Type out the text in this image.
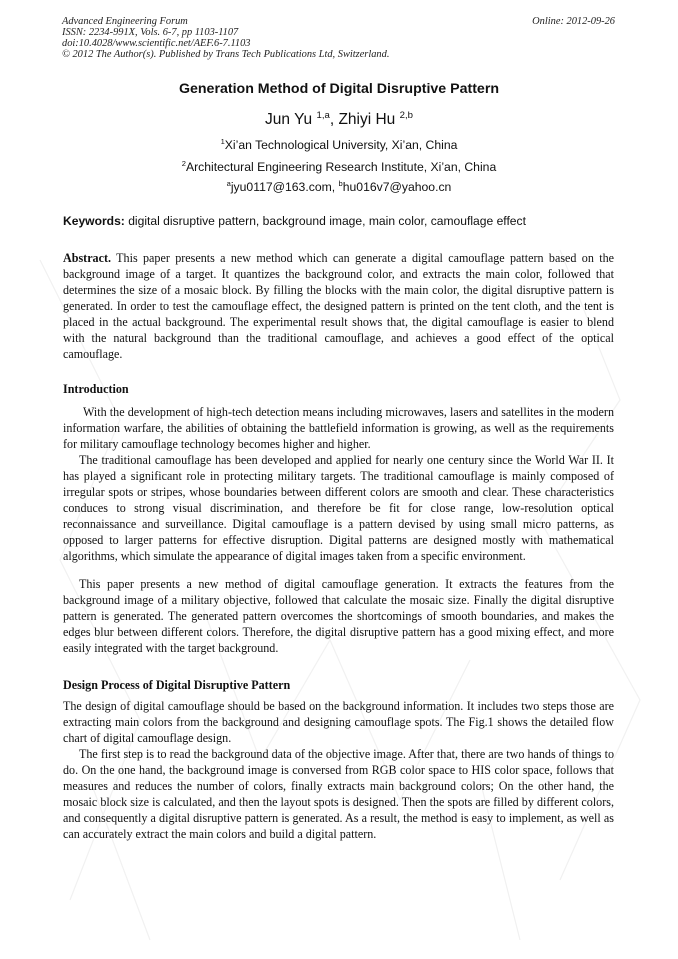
Advanced Engineering Forum
ISSN: 2234-991X, Vols. 6-7, pp 1103-1107
doi:10.4028/www.scientific.net/AEF.6-7.1103
© 2012 The Author(s). Published by Trans Tech Publications Ltd, Switzerland.
Online: 2012-09-26
Generation Method of Digital Disruptive Pattern
Jun Yu $^{1,a}$, Zhiyi Hu $^{2,b}$
$^1$Xi’an Technological University, Xi’an, China
$^2$Architectural Engineering Research Institute, Xi’an, China
$^a$jyu0117@163.com, $^b$hu016v7@yahoo.cn
Keywords: digital disruptive pattern, background image, main color, camouflage effect

Abstract. This paper presents a new method which can generate a digital camouflage pattern based on the background image of a target. It quantizes the background color, and extracts the main color, followed that determines the size of a mosaic block. By filling the blocks with the main color, the digital disruptive pattern is generated. In order to test the camouflage effect, the designed pattern is printed on the tent cloth, and the tent is placed in the actual background. The experimental result shows that, the digital camouflage is easier to blend with the natural background than the traditional camouflage, and achieves a good effect of the optical camouflage.

Introduction

With the development of high-tech detection means including microwaves, lasers and satellites in the modern information warfare, the abilities of obtaining the battlefield information is growing, as well as the requirements for military camouflage technology becomes higher and higher.

The traditional camouflage has been developed and applied for nearly one century since the World War II. It has played a significant role in protecting military targets. The traditional camouflage is mainly composed of irregular spots or stripes, whose boundaries between different colors are smooth and clear. These characteristics conduces to strong visual discrimination, and therefore be fit for close range, low-resolution optical reconnaissance and surveillance. Digital camouflage is a pattern devised by using small micro patterns, as opposed to larger patterns for effective disruption. Digital patterns are designed mostly with mathematical algorithms, which simulate the appearance of digital images taken from a specific environment.

This paper presents a new method of digital camouflage generation. It extracts the features from the background image of a military objective, followed that calculate the mosaic size. Finally the digital disruptive pattern is generated. The generated pattern overcomes the shortcomings of smooth boundaries, and makes the edges blur between different colors. Therefore, the digital disruptive pattern has a good mixing effect, and more easily integrated with the target background.

Design Process of Digital Disruptive Pattern

The design of digital camouflage should be based on the background information. It includes two steps those are extracting main colors from the background and designing camouflage spots. The Fig.1 shows the detailed flow chart of digital camouflage design.

The first step is to read the background data of the objective image. After that, there are two hands of things to do. On the one hand, the background image is conversed from RGB color space to HIS color space, follows that measures and reduces the number of colors, finally extracts main background colors; On the other hand, the mosaic block size is calculated, and then the layout spots is designed. Then the spots are filled by different colors, and consequently a digital disruptive pattern is generated. As a result, the method is easy to implement, as well as can accurately extract the main colors and build a digital pattern.
